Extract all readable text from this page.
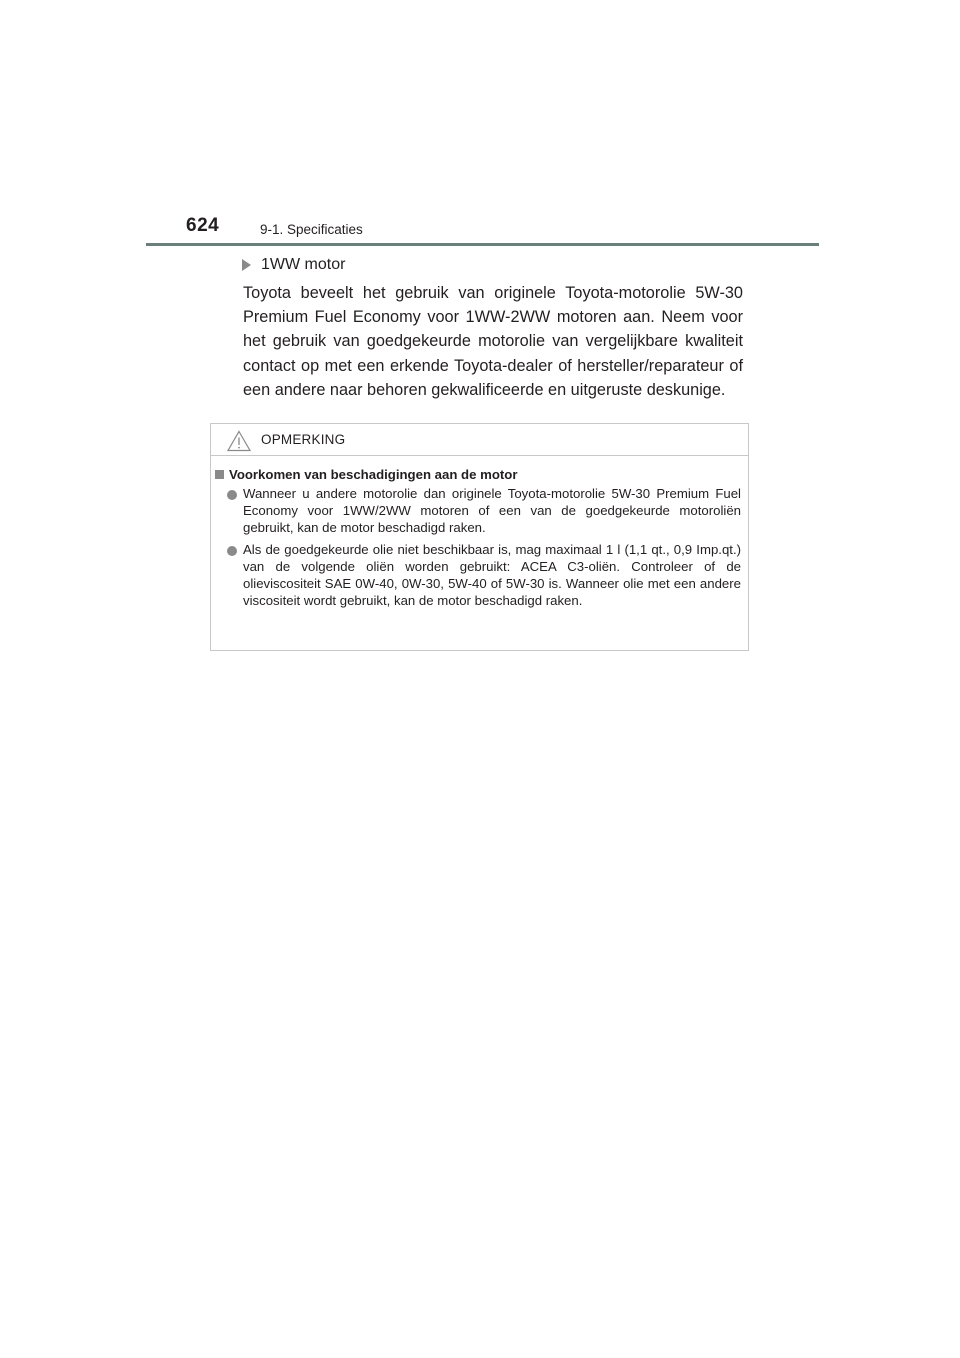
624	9-1. Specificaties
1WW motor
Toyota beveelt het gebruik van originele Toyota-motorolie 5W-30 Premium Fuel Economy voor 1WW-2WW motoren aan. Neem voor het gebruik van goedgekeurde motorolie van vergelijkbare kwaliteit contact op met een erkende Toyota-dealer of hersteller/reparateur of een andere naar behoren gekwalificeerde en uitgeruste deskunige.
OPMERKING
Voorkomen van beschadigingen aan de motor
Wanneer u andere motorolie dan originele Toyota-motorolie 5W-30 Premium Fuel Economy voor 1WW/2WW motoren of een van de goedgekeurde motoroliën gebruikt, kan de motor beschadigd raken.
Als de goedgekeurde olie niet beschikbaar is, mag maximaal 1 l (1,1 qt., 0,9 Imp.qt.) van de volgende oliën worden gebruikt: ACEA C3-oliën. Controleer of de olieviscositeit SAE 0W-40, 0W-30, 5W-40 of 5W-30 is. Wanneer olie met een andere viscositeit wordt gebruikt, kan de motor beschadigd raken.
